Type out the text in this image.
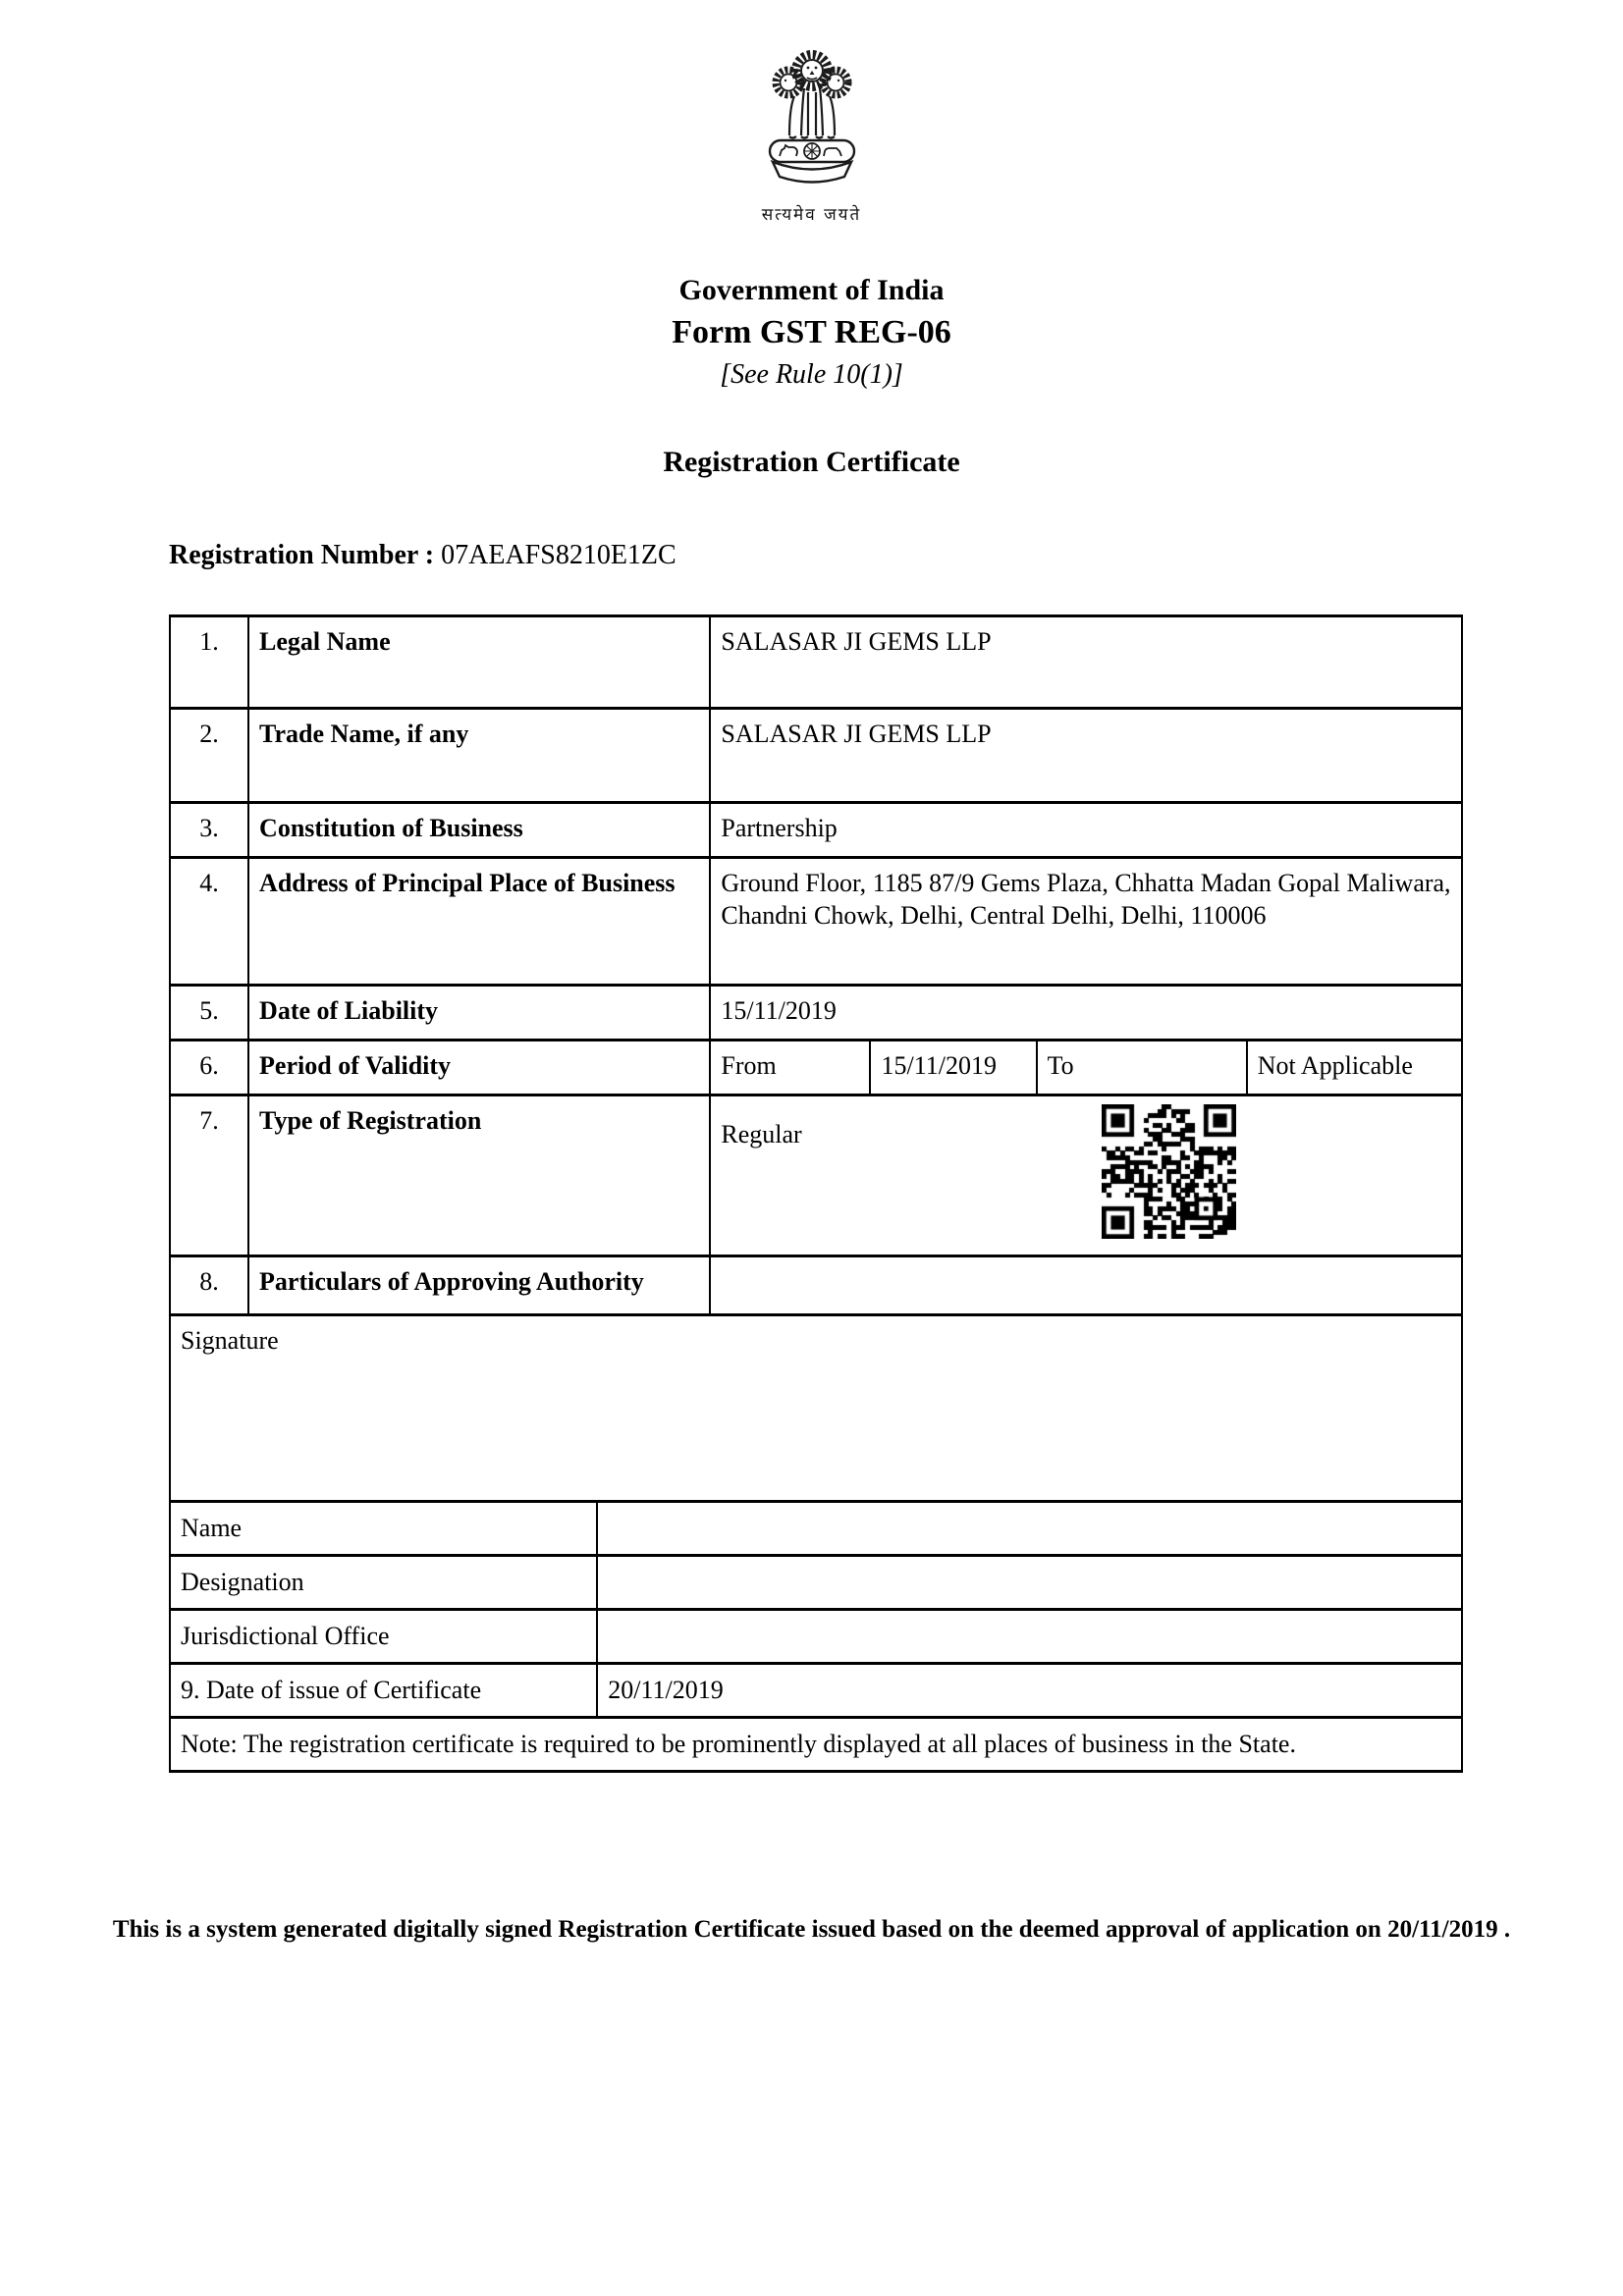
सत्यमेव जयते
Government of India
Form GST REG-06
[See Rule 10(1)]
Registration Certificate
Registration Number : 07AEAFS8210E1ZC
1.	Legal Name		SALASAR JI GEMS LLP			
2.	Trade Name, if any		SALASAR JI GEMS LLP			
3.	Constitution of Business		Partnership			
4.	Address of Principal Place of Business		Ground Floor, 1185 87/9 Gems Plaza, Chhatta Madan Gopal Maliwara, Chandni Chowk, Delhi, Central Delhi, Delhi, 110006			
5.	Date of Liability		15/11/2019			
6.	Period of Validity		From	15/11/2019	To	Not Applicable
7.	Type of Registration		Regular			

8.	Particulars of Approving Authority					
Signature						
Name						
Designation						
Jurisdictional Office						
9. Date of issue of Certificate		20/11/2019				
Note: The registration certificate is required to be prominently displayed at all places of business in the State.						
This is a system generated digitally signed Registration Certificate issued based on the deemed approval of application on 20/11/2019 .
